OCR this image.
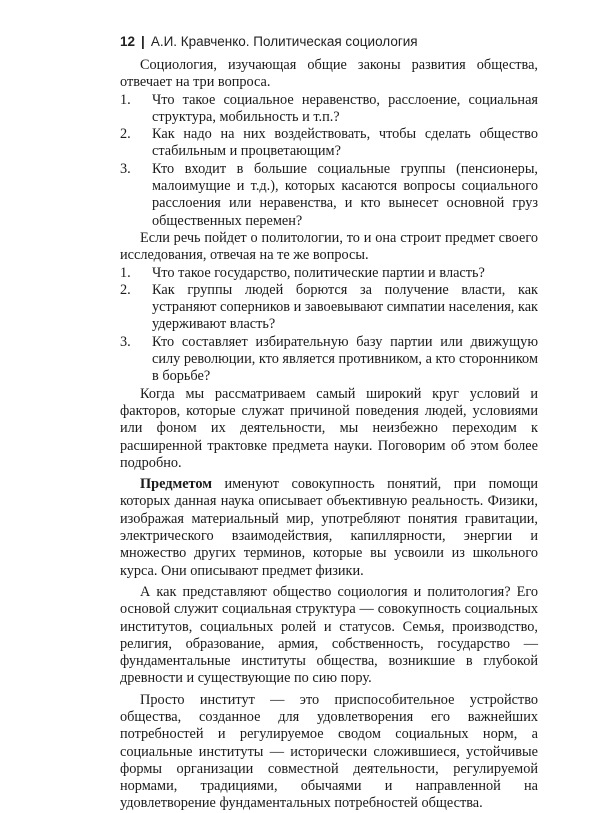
12 | А.И. Кравченко. Политическая социология

Социология, изучающая общие законы развития общества, отвечает на три вопроса.

1. Что такое социальное неравенство, расслоение, социальная структура, мобильность и т.п.?
2. Как надо на них воздействовать, чтобы сделать общество стабильным и процветающим?
3. Кто входит в большие социальные группы (пенсионеры, малоимущие и т.д.), которых касаются вопросы социального расслоения или неравенства, и кто вынесет основной груз общественных перемен?

Если речь пойдет о политологии, то и она строит предмет своего исследования, отвечая на те же вопросы.

1. Что такое государство, политические партии и власть?
2. Как группы людей борются за получение власти, как устраняют соперников и завоевывают симпатии населения, как удерживают власть?
3. Кто составляет избирательную базу партии или движущую силу революции, кто является противником, а кто сторонником в борьбе?

Когда мы рассматриваем самый широкий круг условий и факторов, которые служат причиной поведения людей, условиями или фоном их деятельности, мы неизбежно переходим к расширенной трактовке предмета науки. Поговорим об этом более подробно.

Предметом именуют совокупность понятий, при помощи которых данная наука описывает объективную реальность. Физики, изображая материальный мир, употребляют понятия гравитации, электрического взаимодействия, капиллярности, энергии и множество других терминов, которые вы усвоили из школьного курса. Они описывают предмет физики.

А как представляют общество социология и политология? Его основой служит социальная структура — совокупность социальных институтов, социальных ролей и статусов. Семья, производство, религия, образование, армия, собственность, государство — фундаментальные институты общества, возникшие в глубокой древности и существующие по сию пору.

Просто институт — это приспособительное устройство общества, созданное для удовлетворения его важнейших потребностей и регулируемое сводом социальных норм, а социальные институты — исторически сложившиеся, устойчивые формы организации совместной деятельности, регулируемой нормами, традициями, обычаями и направленной на удовлетворение фундаментальных потребностей общества.
